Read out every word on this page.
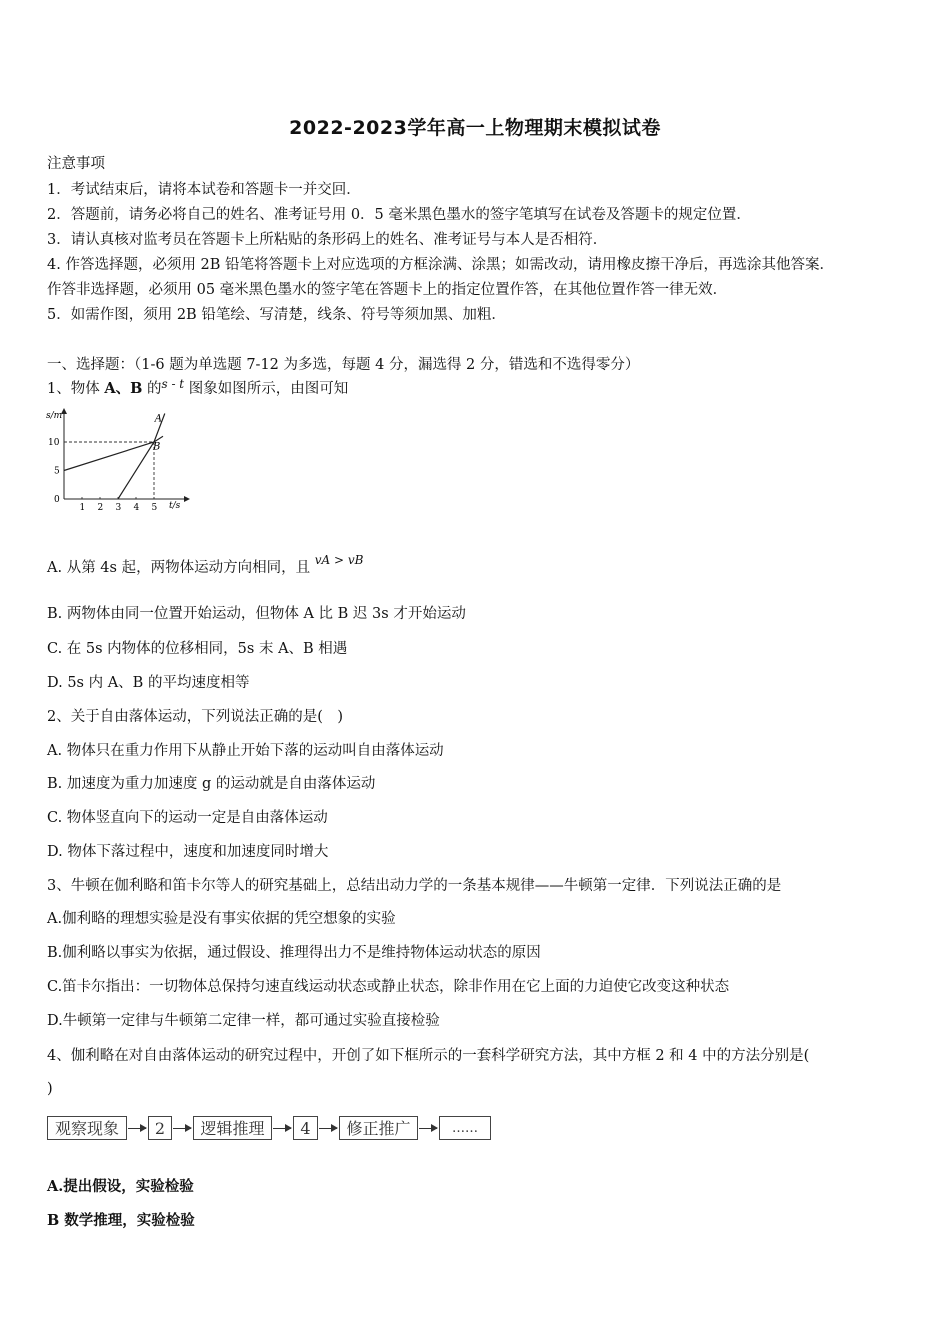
2022-2023学年高一上物理期末模拟试卷
注意事项
1．考试结束后，请将本试卷和答题卡一并交回．
2．答题前，请务必将自己的姓名、准考证号用 0．5 毫米黑色墨水的签字笔填写在试卷及答题卡的规定位置．
3．请认真核对监考员在答题卡上所粘贴的条形码上的姓名、准考证号与本人是否相符．
4. 作答选择题，必须用 2B 铅笔将答题卡上对应选项的方框涂满、涂黑；如需改动，请用橡皮擦干净后，再选涂其他答案．
作答非选择题，必须用 05 毫米黑色墨水的签字笔在答题卡上的指定位置作答，在其他位置作答一律无效．
5．如需作图，须用 2B 铅笔绘、写清楚，线条、符号等须加黑、加粗．
一、选择题：（1-6 题为单选题 7-12 为多选，每题 4 分，漏选得 2 分，错选和不选得零分）
1、物体 A、B 的$^{s - t}$ 图象如图所示，由图可知
s/m
t/s
1 2 3 4 5
0
5
10
A
B
A. 从第 4s 起，两物体运动方向相同，且 $^{vA > vB}$
B. 两物体由同一位置开始运动，但物体 A 比 B 迟 3s 才开始运动
C. 在 5s 内物体的位移相同，5s 末 A、B 相遇
D. 5s 内 A、B 的平均速度相等
2、关于自由落体运动，下列说法正确的是(　)
A. 物体只在重力作用下从静止开始下落的运动叫自由落体运动
B. 加速度为重力加速度 g 的运动就是自由落体运动
C. 物体竖直向下的运动一定是自由落体运动
D. 物体下落过程中，速度和加速度同时增大
3、牛顿在伽利略和笛卡尔等人的研究基础上，总结出动力学的一条基本规律——牛顿第一定律．下列说法正确的是
A.伽利略的理想实验是没有事实依据的凭空想象的实验
B.伽利略以事实为依据，通过假设、推理得出力不是维持物体运动状态的原因
C.笛卡尔指出：一切物体总保持匀速直线运动状态或静止状态，除非作用在它上面的力迫使它改变这种状态
D.牛顿第一定律与牛顿第二定律一样，都可通过实验直接检验
4、伽利略在对自由落体运动的研究过程中，开创了如下框所示的一套科学研究方法，其中方框 2 和 4 中的方法分别是(
)
观察现象	2	逻辑推理	4	修正推广	……
A.提出假设，实验检验
B 数学推理，实验检验
